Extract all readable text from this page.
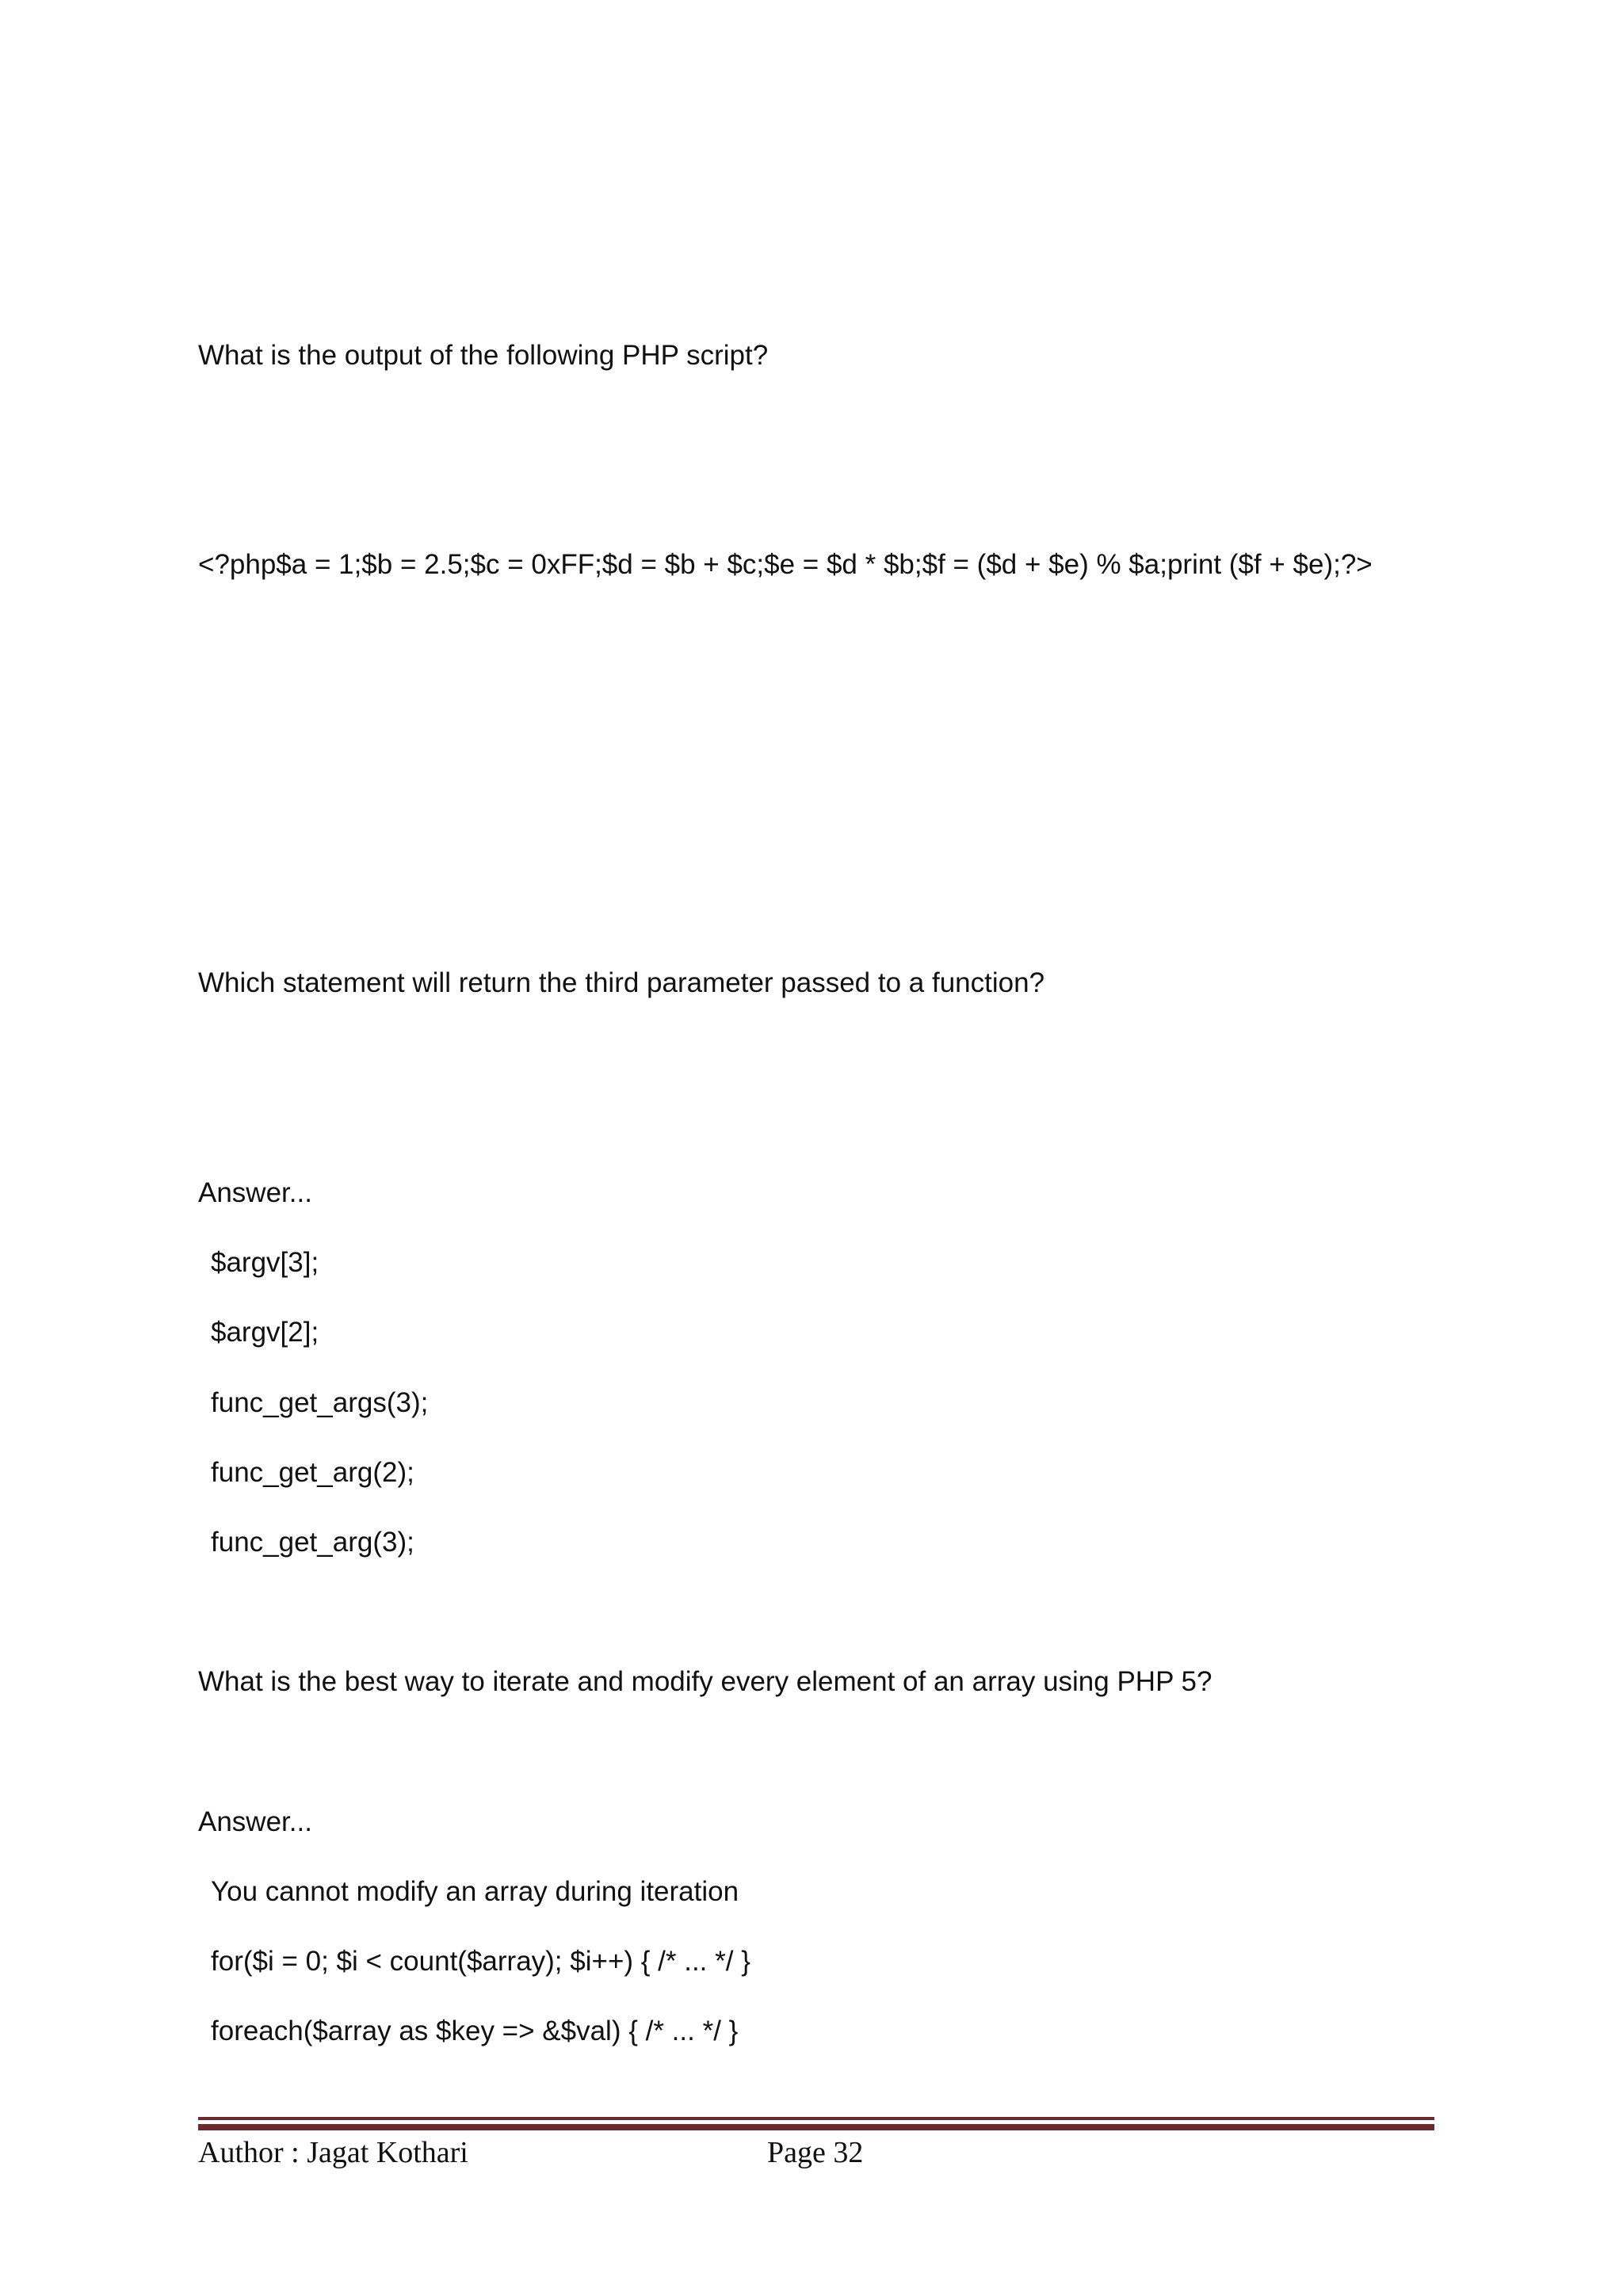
What is the output of the following PHP script?
<?php$a = 1;$b = 2.5;$c = 0xFF;$d = $b + $c;$e = $d * $b;$f = ($d + $e) % $a;print ($f + $e);?>
Which statement will return the third parameter passed to a function?
Answer...
$argv[3];
$argv[2];
func_get_args(3);
func_get_arg(2);
func_get_arg(3);
What is the best way to iterate and modify every element of an array using PHP 5?
Answer...
You cannot modify an array during iteration
for($i = 0; $i < count($array); $i++) { /* ... */ }
foreach($array as $key => &$val) { /* ... */ }
Author : Jagat Kothari	Page 32
